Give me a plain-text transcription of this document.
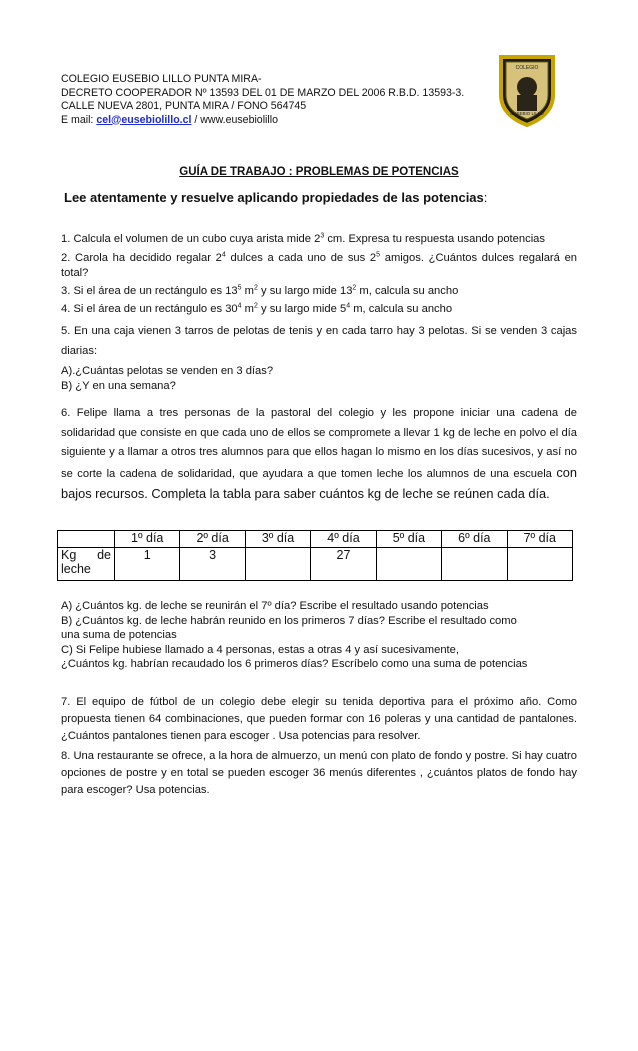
COLEGIO EUSEBIO LILLO PUNTA MIRA-
DECRETO COOPERADOR Nº 13593 DEL 01 DE MARZO DEL 2006 R.B.D. 13593-3.
CALLE NUEVA 2801, PUNTA MIRA / FONO 564745
E mail: cel@eusebiolillo.cl / www.eusebiolillo
COLEGIO
EUSEBIO LILLO
GUÍA DE TRABAJO : PROBLEMAS DE POTENCIAS
Lee atentamente y resuelve aplicando propiedades de las potencias:
1. Calcula el volumen de un cubo cuya arista mide $2^3$ cm. Expresa tu respuesta usando potencias
2. Carola ha decidido regalar $2^4$ dulces a cada uno de sus $2^5$ amigos. ¿Cuántos dulces regalará en total?
3. Si el área de un rectángulo es $13^5$ $m^2$ y su largo mide $13^2$ m, calcula su ancho
4. Si el área de un rectángulo es $30^4$ $m^2$ y su largo mide $5^4$ m, calcula su ancho
5. En una caja vienen 3 tarros de pelotas de tenis y en cada tarro hay 3 pelotas. Si se venden 3 cajas diarias:
A).¿Cuántas pelotas se venden en 3 días?
B) ¿Y en una semana?
6. Felipe llama a tres personas de la pastoral del colegio y les propone iniciar una cadena de solidaridad que consiste en que cada uno de ellos se compromete a llevar 1 kg de leche en polvo el día siguiente y a llamar a otros tres alumnos para que ellos hagan lo mismo en los días sucesivos, y así no se corte la cadena de solidaridad, que ayudara a que tomen leche los alumnos de una escuela con bajos recursos. Completa la tabla para saber cuántos kg de leche se reúnen cada día.
	1º día	2º día	3º día	4º día	5º día	6º día	7º día
Kg de leche	1	3		27			
A) ¿Cuántos kg. de leche se reunirán el 7º día? Escribe el resultado usando potencias
B) ¿Cuántos kg. de leche habrán reunido en los primeros 7 días? Escribe el resultado como una suma de potencias
C) Si Felipe hubiese llamado a 4 personas, estas a otras 4 y así sucesivamente,
¿Cuántos kg. habrían recaudado los 6 primeros días? Escríbelo como una suma de potencias
7. El equipo de fútbol de un colegio debe elegir su tenida deportiva para el próximo año. Como propuesta tienen 64 combinaciones, que pueden formar con 16 poleras y una cantidad de pantalones. ¿Cuántos pantalones tienen para escoger . Usa potencias para resolver.
8. Una restaurante se ofrece, a la hora de almuerzo, un menú con plato de fondo y postre. Si hay cuatro opciones de postre y en total se pueden escoger 36 menús diferentes , ¿cuántos platos de fondo hay para escoger? Usa potencias.
